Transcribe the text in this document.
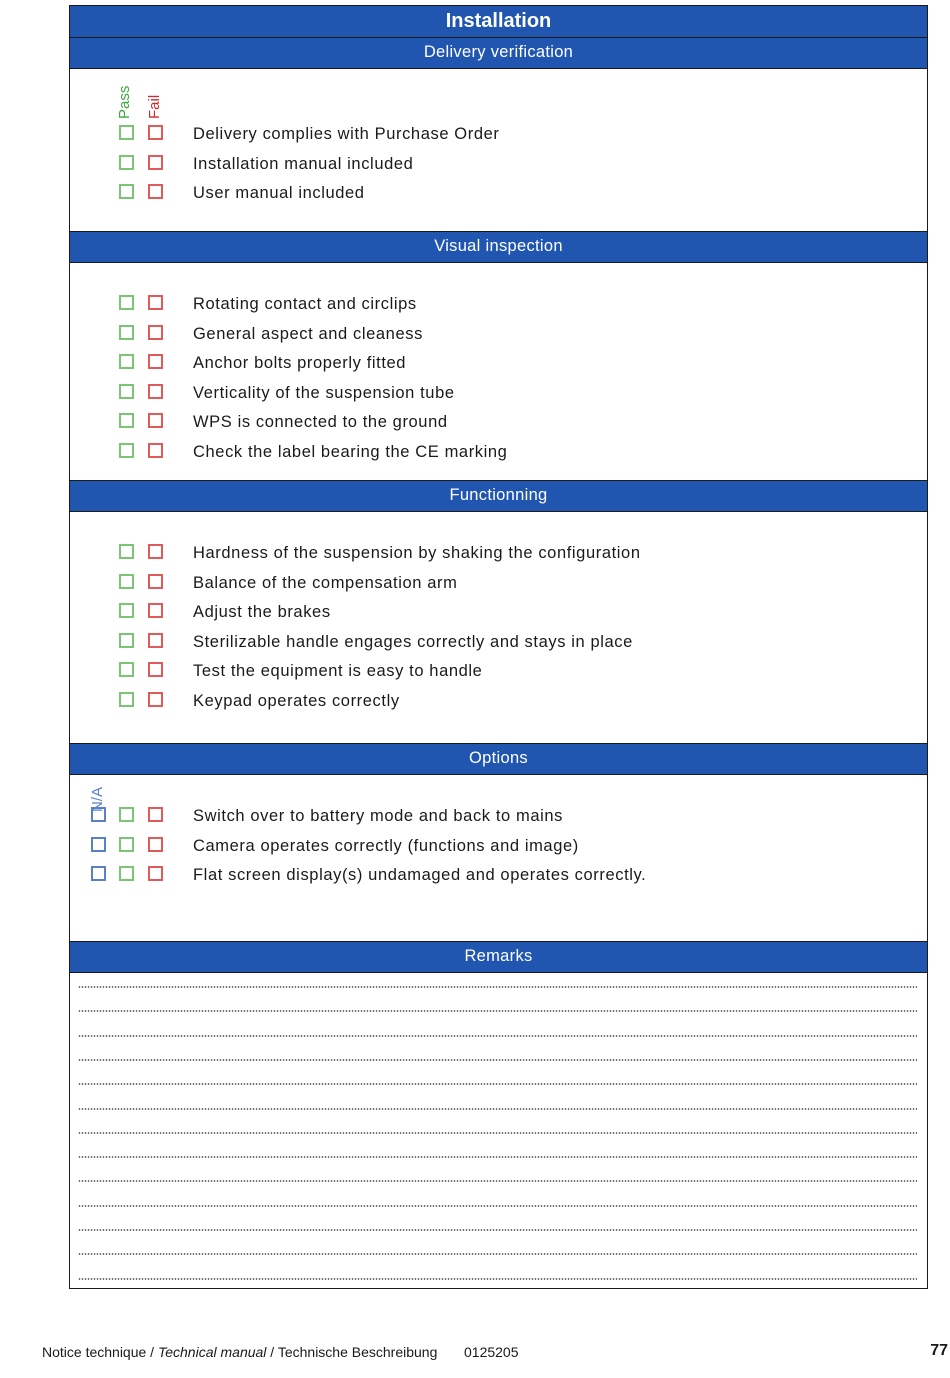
Installation
Delivery verification
Pass Fail
Delivery complies with Purchase Order
Installation manual included
User manual included
Visual inspection
Rotating contact and circlips
General aspect and cleaness
Anchor bolts properly fitted
Verticality of the suspension tube
WPS is connected to the ground
Check the label bearing the CE marking
Functionning
Hardness of the suspension by shaking the configuration
Balance of the compensation arm
Adjust the brakes
Sterilizable handle engages correctly and stays in place
Test the equipment is easy to handle
Keypad operates correctly
Options
N/A
Switch over to battery mode and back to mains
Camera operates correctly (functions and image)
Flat screen display(s) undamaged and operates correctly.
Remarks
Notice technique / Technical manual / Technische Beschreibung 0125205	77
